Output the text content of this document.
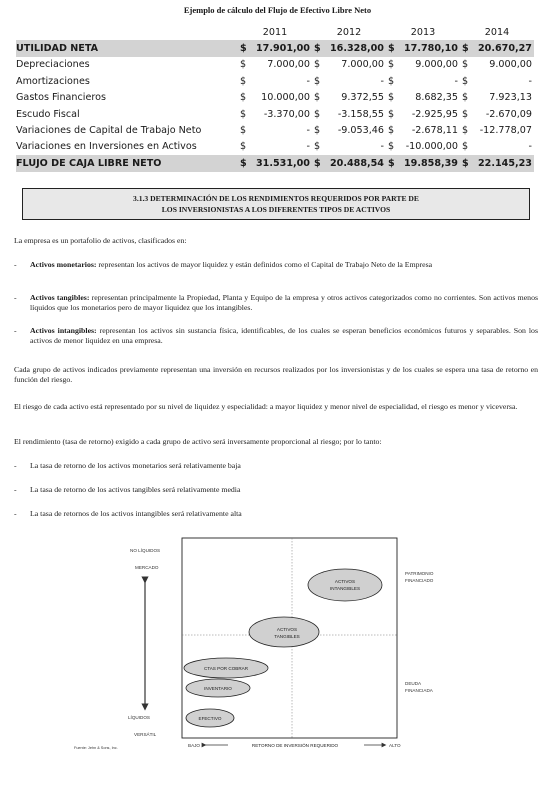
Ejemplo de cálculo del Flujo de Efectivo Libre Neto
	2011		2012		2013		2014	
UTILIDAD NETA	$	17.901,00	$	16.328,00	$	17.780,10	$	20.670,27
Depreciaciones	$	7.000,00	$	7.000,00	$	9.000,00	$	9.000,00
Amortizaciones	$	-	$	-	$	-	$	-
Gastos Financieros	$	10.000,00	$	9.372,55	$	8.682,35	$	7.923,13
Escudo Fiscal	$	-3.370,00	$	-3.158,55	$	-2.925,95	$	-2.670,09
Variaciones de Capital de Trabajo Neto	$	-	$	-9.053,46	$	-2.678,11	$	-12.778,07
Variaciones en Inversiones en Activos	$	-	$	-	$	-10.000,00	$	-
FLUJO DE CAJA LIBRE NETO	$	31.531,00	$	20.488,54	$	19.858,39	$	22.145,23
3.1.3 DETERMINACIÓN DE LOS RENDIMIENTOS REQUERIDOS POR PARTE DE
LOS INVERSIONISTAS A LOS DIFERENTES TIPOS DE ACTIVOS
La empresa es un portafolio de activos, clasificados en:
- Activos monetarios: representan los activos de mayor liquidez y están definidos como el Capital de Trabajo Neto de la Empresa
- Activos tangibles: representan principalmente la Propiedad, Planta y Equipo de la empresa y otros activos categorizados como no corrientes. Son activos menos líquidos que los monetarios pero de mayor liquidez que los intangibles.
- Activos intangibles: representan los activos sin sustancia física, identificables, de los cuales se esperan beneficios económicos futuros y separables. Son los activos de menor liquidez en una empresa.
Cada grupo de activos indicados previamente representan una inversión en recursos realizados por los inversionistas y de los cuales se espera una tasa de retorno en función del riesgo.
El riesgo de cada activo está representado por su nivel de liquidez y especialidad: a mayor liquidez y menor nivel de especialidad, el riesgo es menor y viceversa.
El rendimiento (tasa de retorno) exigido a cada grupo de activo será inversamente proporcional al riesgo; por lo tanto:
- La tasa de retorno de los activos monetarios será relativamente baja
- La tasa de retorno de los activos tangibles será relativamente media
- La tasa de retornos de los activos intangibles será relativamente alta
NO LÍQUIDOS
MERCADO
LÍQUIDOS
VERSÁTIL
Fuente: Jehn & Sons, Inc.
ACTIVOS
INTANGIBLES
ACTIVOS
TANGIBLES
CTAS POR COBRAR
INVENTARIO
EFECTIVO
PATRIMONIO
FINANCIADO
DEUDA
FINANCIADA
BAJO	RETORNO DE INVERSIÓN REQUERIDO	ALTO
